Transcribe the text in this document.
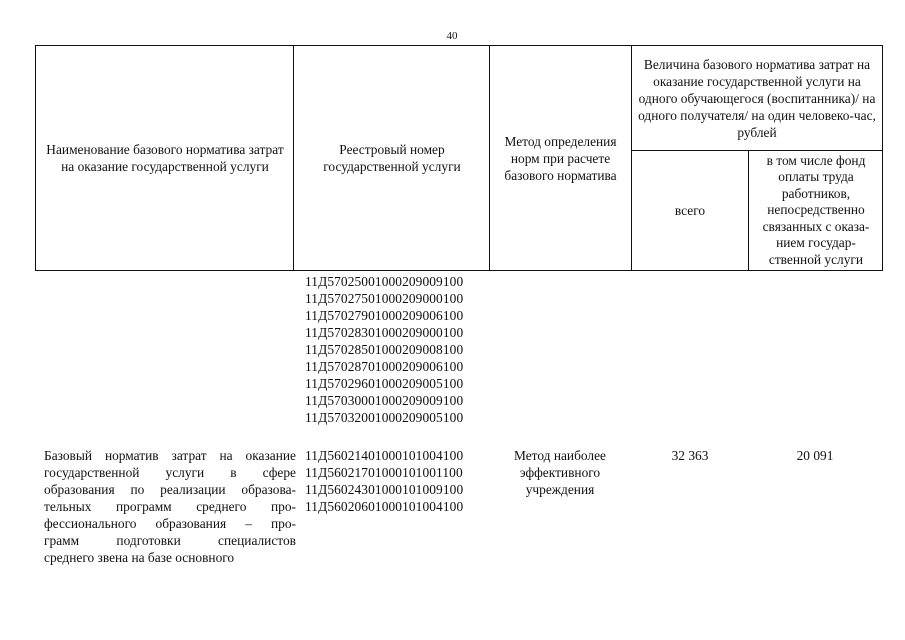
40
Наименование базового норматива затрат на оказание государственной услуги
Реестровый номер государственной услуги
Метод определения норм при расчете базового норматива
Величина базового норматива затрат на оказание государственной услуги на одного обучающегося (воспитанника)/ на одного получателя/ на один человеко-час, рублей
всего
в том числе фонд оплаты труда работников, непосредственно связанных с оказа-нием государ-ственной услуги
11Д57025001000209009100
11Д57027501000209000100
11Д57027901000209006100
11Д57028301000209000100
11Д57028501000209008100
11Д57028701000209006100
11Д57029601000209005100
11Д57030001000209009100
11Д57032001000209005100
Базовый норматив затрат на оказание
государственной услуги в сфере
образования по реализации образова-
тельных программ среднего про-
фессионального образования – про-
грамм подготовки специалистов
среднего звена на базе основного
11Д56021401000101004100
11Д56021701000101001100
11Д56024301000101009100
11Д56020601000101004100
Метод наиболее эффективного учреждения
32 363	20 091
